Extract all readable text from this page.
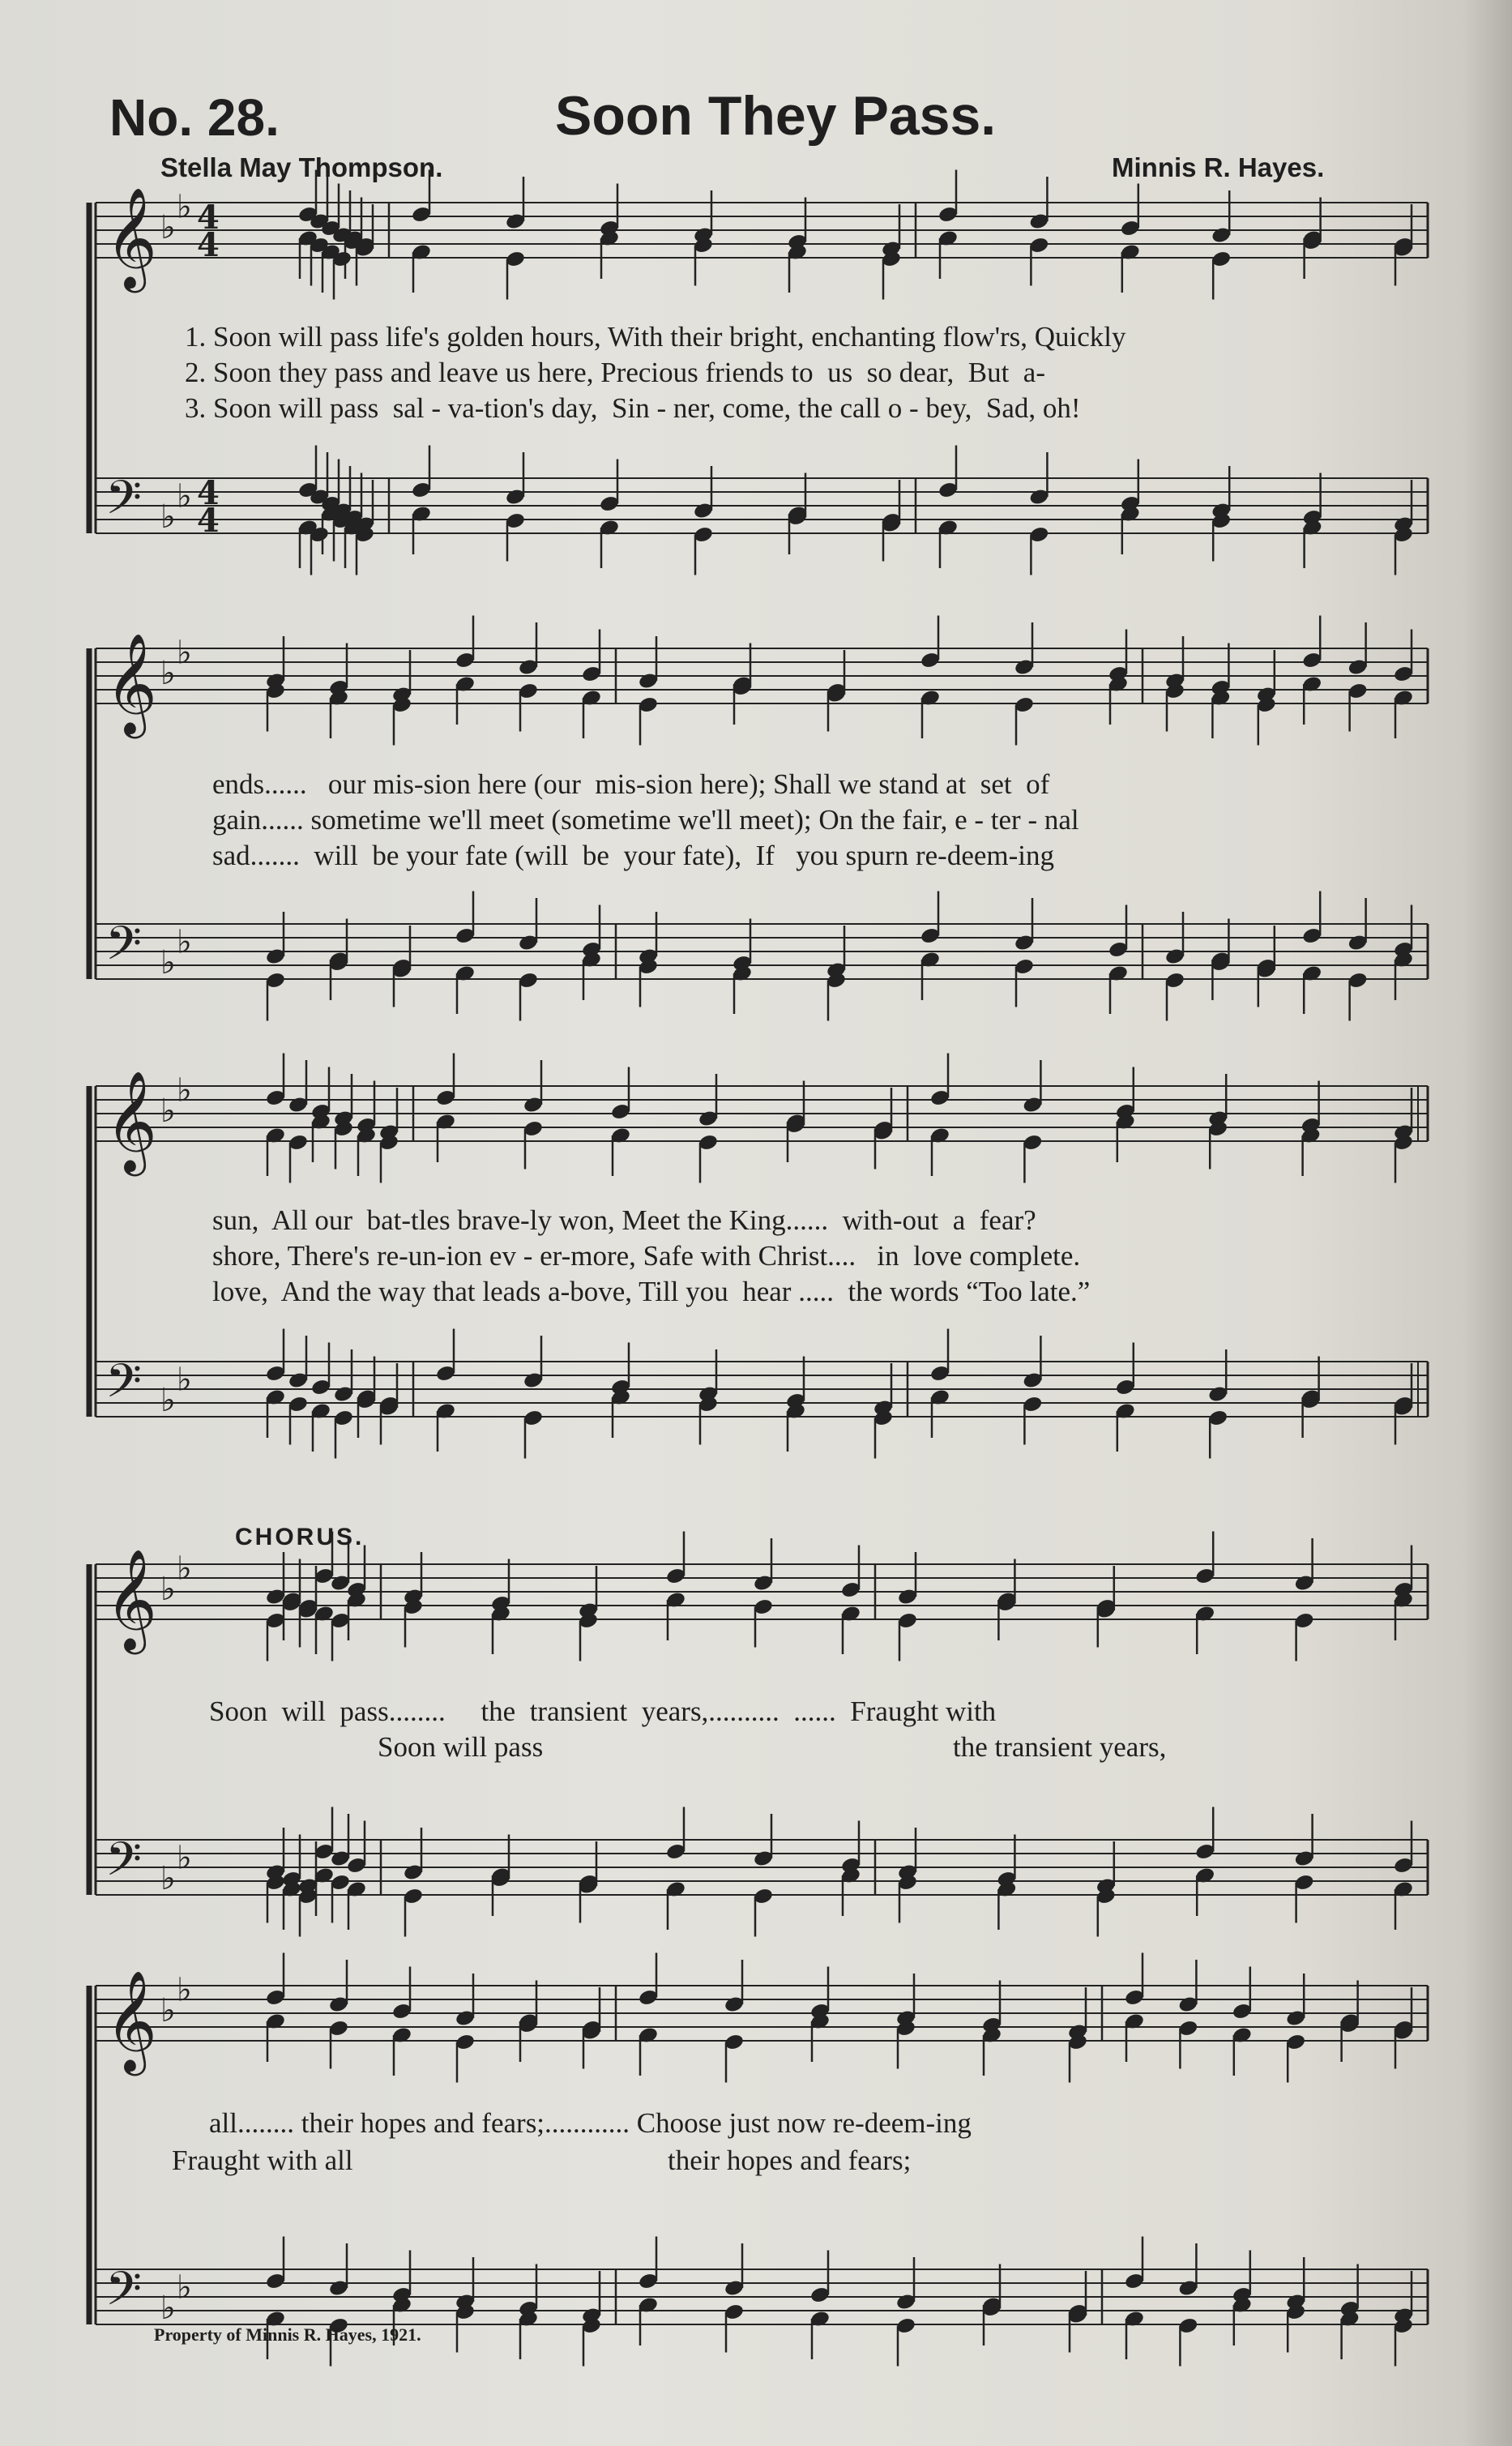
No. 28.	Soon They Pass.
Stella May Thompson.	Minnis R. Hayes.
𝄞
𝄢
♭
♭
♭
♭
4
4
4
4
𝄞
𝄢
♭
♭
♭
♭
𝄞
𝄢
♭
♭
♭
♭
𝄞
𝄢
♭
♭
♭
♭
𝄞
𝄢
♭
♭
♭
♭
1. Soon will pass life's golden hours, With their bright, enchanting flow'rs, Quickly
2. Soon they pass and leave us here, Precious friends to  us  so dear,  But  a-
3. Soon will pass  sal - va-tion's day,  Sin - ner, come, the call o - bey,  Sad, oh!
ends......   our mis-sion here (our  mis-sion here); Shall we stand at  set  of
gain...... sometime we'll meet (sometime we'll meet); On the fair, e - ter - nal
sad.......  will  be your fate (will  be  your fate),  If   you spurn re-deem-ing
sun,  All our  bat-tles brave-ly won, Meet the King......  with-out  a  fear?
shore, There's re-un-ion ev - er-more, Safe with Christ....   in  love complete.
love,  And the way that leads a-bove, Till you  hear .....  the words “Too late.”
CHORUS.
Soon  will  pass........     the  transient  years,..........  ......  Fraught with
Soon will pass	the transient years,
all........ their hopes and fears;............ Choose just now re-deem-ing
Fraught with all	their hopes and fears;
Property of Minnis R. Hayes, 1921.
